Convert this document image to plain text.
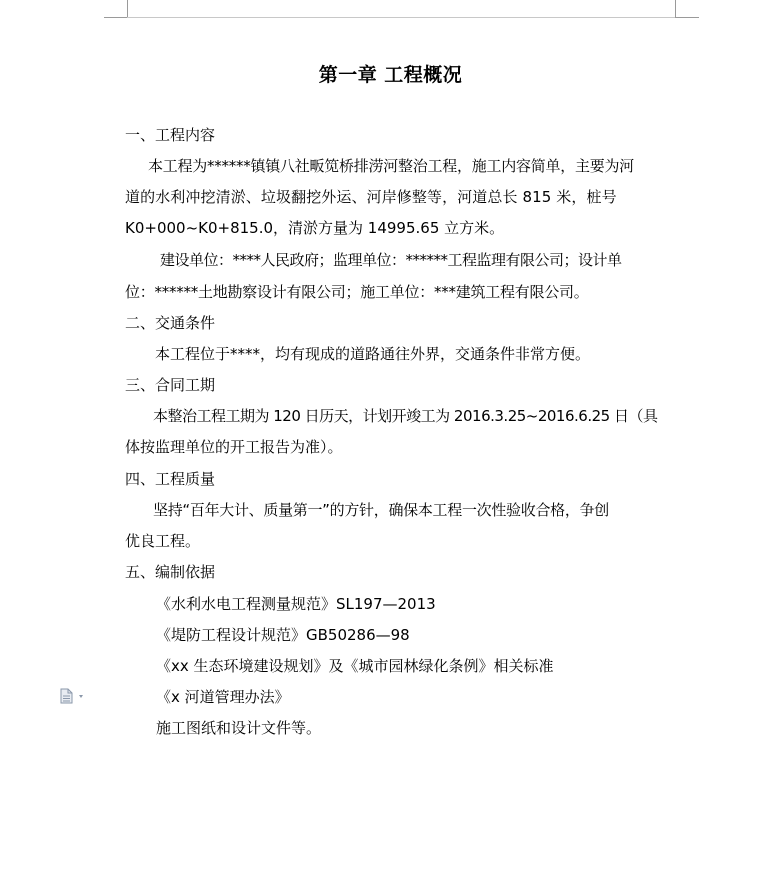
第一章 工程概况
一、工程内容
本工程为******镇镇八社畈笕桥排涝河整治工程，施工内容简单，主要为河
道的水利冲挖清淤、垃圾翻挖外运、河岸修整等，河道总长 815 米，桩号
K0+000~K0+815.0，清淤方量为 14995.65 立方米。
建设单位：****人民政府；监理单位：******工程监理有限公司；设计单
位：******土地勘察设计有限公司；施工单位：***建筑工程有限公司。
二、交通条件
本工程位于****，均有现成的道路通往外界，交通条件非常方便。
三、合同工期
本整治工程工期为 120 日历天，计划开竣工为 2016.3.25~2016.6.25 日（具
体按监理单位的开工报告为准）。
四、工程质量
坚持“百年大计、质量第一”的方针，确保本工程一次性验收合格，争创
优良工程。
五、编制依据
《水利水电工程测量规范》SL197—2013
《堤防工程设计规范》GB50286—98
《xx 生态环境建设规划》及《城市园林绿化条例》相关标准
《x 河道管理办法》
施工图纸和设计文件等。
